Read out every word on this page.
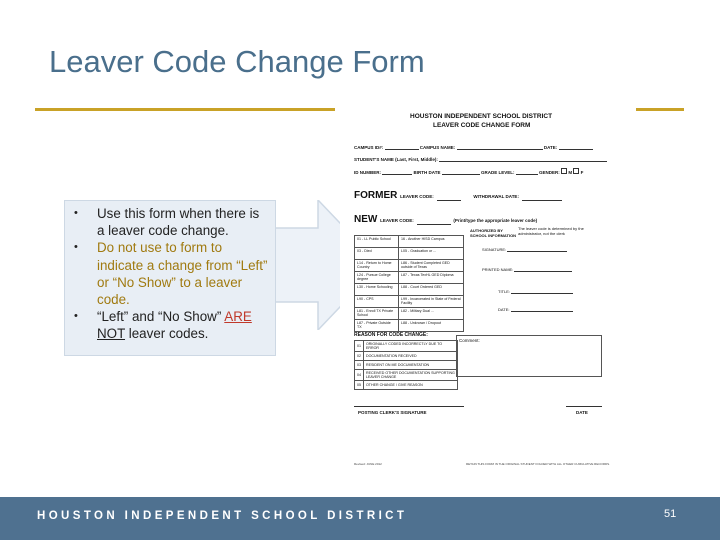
Leaver Code Change Form
• Use this form when there is a leaver code change.
• Do not use to form to indicate a change from “Left” or “No Show” to a leaver code.
• “Left” and “No Show” ARE
NOT leaver codes.
HOUSTON INDEPENDENT SCHOOL DISTRICT
LEAVER CODE CHANGE FORM
CAMPUS ID#:	CAMPUS NAME:	DATE:
STUDENT'S NAME (Last, First, Middle):
ID NUMBER:	BIRTH DATE	GRADE LEVEL:	GENDER: M F
FORMER LEAVER CODE:	WITHDRAWAL DATE:
NEW LEAVER CODE:	(Print/type the appropriate leaver code)
01 - LL Public School	16 - Another HISD Campus
03 - Died	L05 - Graduation or ...
L14 - Return to Home Country	L86 - Student Completed GED outside of Texas
L24 - Pursue College degree	L87 - Texas TexHL GED Diploma
L30 - Home Schooling	L88 - Court Ordered GED
L90 - CPS	L99 - Incarcerated in State of Federal Facility
L81 - Enroll TX Private School	L82 - Military Dual ...
L87 - Private Outside TX	L88 - Unknown / Dropout
AUTHORIZED BY SCHOOL INFORMATION
The leaver code is determined by the administrator, not the clerk
SIGNATURE:
PRINTED NAME:
TITLE:
DATE:
REASON FOR CODE CHANGE:
01	ORIGINALLY CODED INCORRECTLY DUE TO ERROR
02	DOCUMENTATION RECEIVED
03	RESIDENT ON ME DOCUMENTATION
04	RECEIVED OTHER DOCUMENTATION SUPPORTING LEAVER CHANGE
05	OTHER CHANGE / GIVE REASON
Comment:
POSTING CLERK'S SIGNATURE	DATE
Revised: JUNE 2012	RETAIN THIS FORM IN THE ORIGINAL STUDENT FOLDER WITH ALL OTHER CUMULATIVE RECORDS.
HOUSTON INDEPENDENT SCHOOL DISTRICT	51
